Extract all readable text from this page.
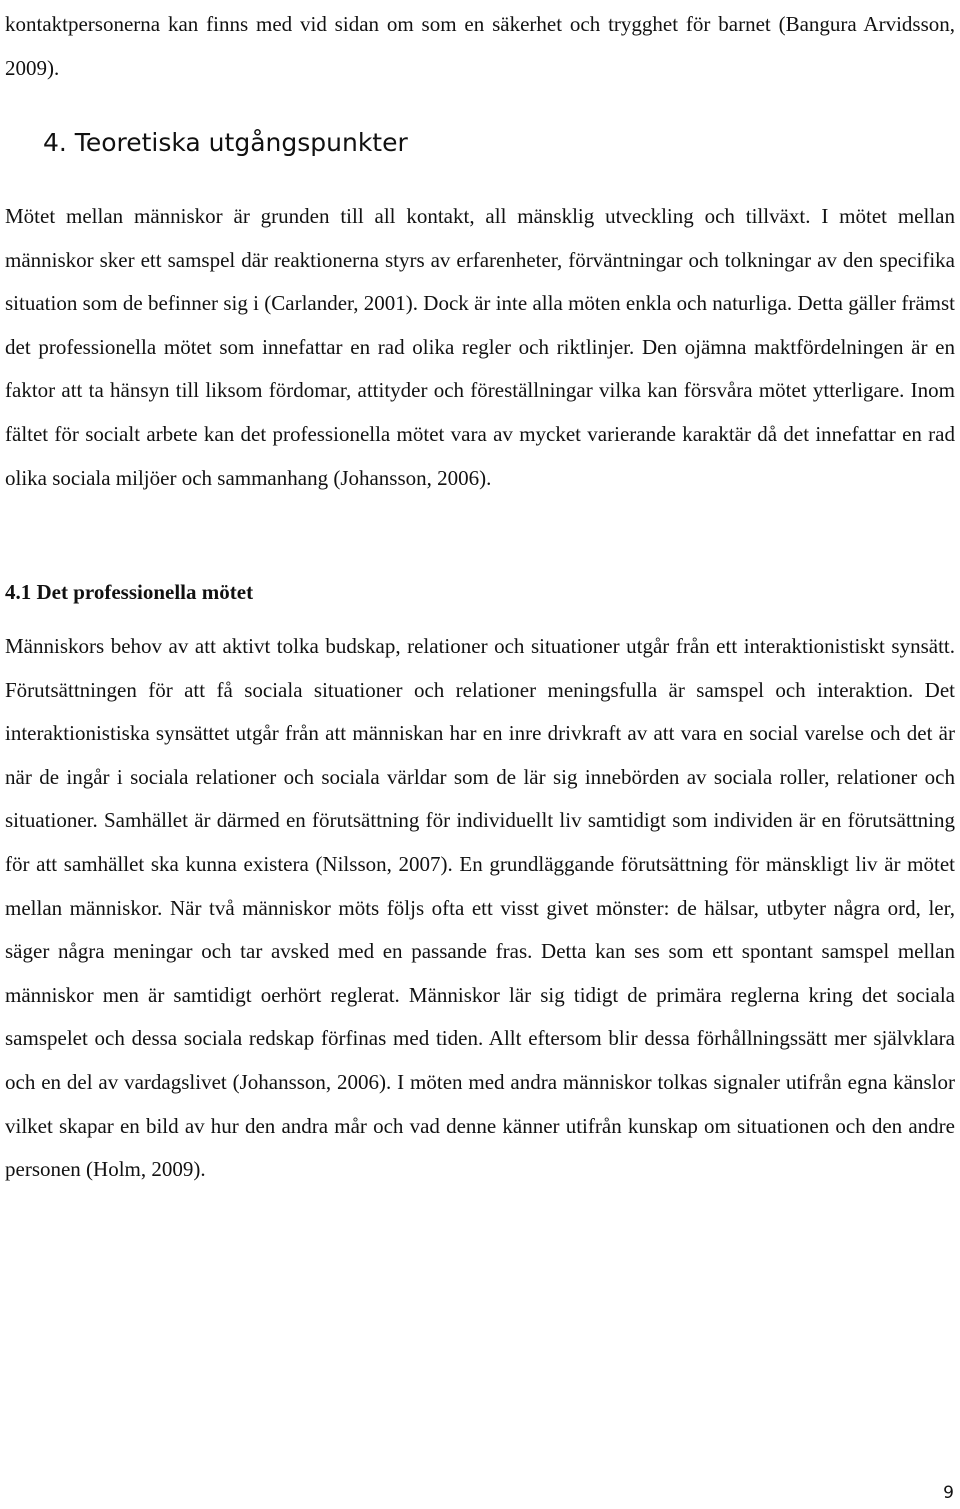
kontaktpersonerna kan finns med vid sidan om som en säkerhet och trygghet för barnet (Bangura Arvidsson, 2009).

4. Teoretiska utgångspunkter

Mötet mellan människor är grunden till all kontakt, all mänsklig utveckling och tillväxt. I mötet mellan människor sker ett samspel där reaktionerna styrs av erfarenheter, förväntningar och tolkningar av den specifika situation som de befinner sig i (Carlander, 2001). Dock är inte alla möten enkla och naturliga. Detta gäller främst det professionella mötet som innefattar en rad olika regler och riktlinjer. Den ojämna maktfördelningen är en faktor att ta hänsyn till liksom fördomar, attityder och föreställningar vilka kan försvåra mötet ytterligare. Inom fältet för socialt arbete kan det professionella mötet vara av mycket varierande karaktär då det innefattar en rad olika sociala miljöer och sammanhang (Johansson, 2006).

4.1 Det professionella mötet

Människors behov av att aktivt tolka budskap, relationer och situationer utgår från ett interaktionistiskt synsätt. Förutsättningen för att få sociala situationer och relationer meningsfulla är samspel och interaktion. Det interaktionistiska synsättet utgår från att människan har en inre drivkraft av att vara en social varelse och det är när de ingår i sociala relationer och sociala världar som de lär sig innebörden av sociala roller, relationer och situationer. Samhället är därmed en förutsättning för individuellt liv samtidigt som individen är en förutsättning för att samhället ska kunna existera (Nilsson, 2007). En grundläggande förutsättning för mänskligt liv är mötet mellan människor. När två människor möts följs ofta ett visst givet mönster: de hälsar, utbyter några ord, ler, säger några meningar och tar avsked med en passande fras. Detta kan ses som ett spontant samspel mellan människor men är samtidigt oerhört reglerat. Människor lär sig tidigt de primära reglerna kring det sociala samspelet och dessa sociala redskap förfinas med tiden. Allt eftersom blir dessa förhållningssätt mer självklara och en del av vardagslivet (Johansson, 2006). I möten med andra människor tolkas signaler utifrån egna känslor vilket skapar en bild av hur den andra mår och vad denne känner utifrån kunskap om situationen och den andre personen (Holm, 2009).

9
